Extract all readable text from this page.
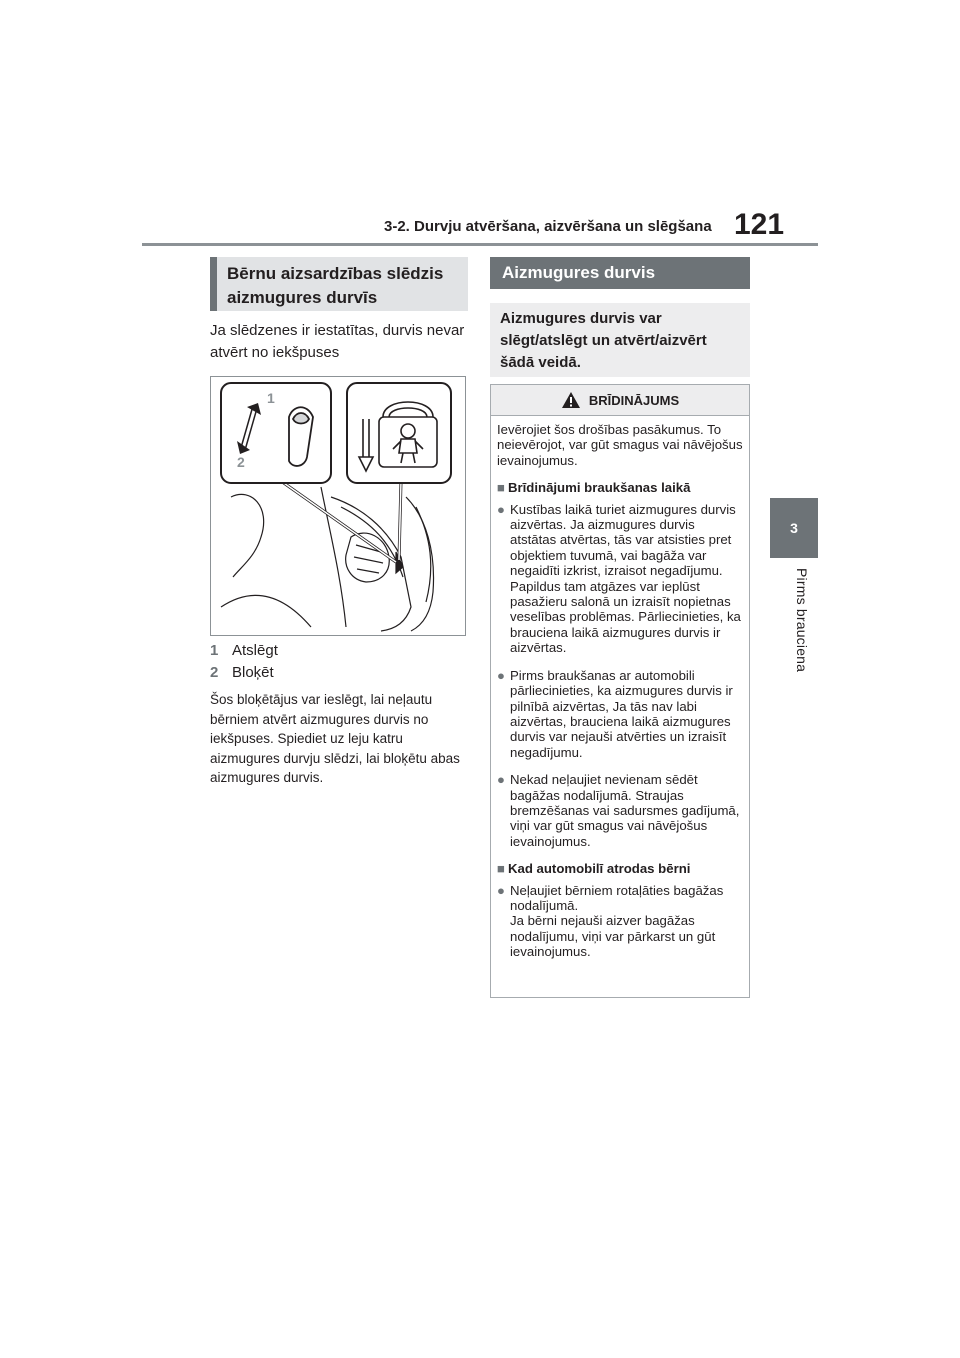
3-2. Durvju atvēršana, aizvēršana un slēgšana 121
3
Pirms brauciena
Bērnu aizsardzības slēdzis aizmugures durvīs
Ja slēdzenes ir iestatītas, durvis nevar atvērt no iekšpuses
1
2
1 Atslēgt
2 Bloķēt
Šos bloķētājus var ieslēgt, lai neļautu bērniem atvērt aizmugures durvis no iekšpuses. Spiediet uz leju katru aizmugures durvju slēdzi, lai bloķētu abas aizmugures durvis.
Aizmugures durvis
Aizmugures durvis var slēgt/atslēgt un atvērt/aizvērt šādā veidā.
BRĪDINĀJUMS
Ievērojiet šos drošības pasākumus. To neievērojot, var gūt smagus vai nāvējošus ievainojumus.
■ Brīdinājumi braukšanas laikā
● Kustības laikā turiet aizmugures durvis aizvērtas. Ja aizmugures durvis atstātas atvērtas, tās var atsisties pret objektiem tuvumā, vai bagāža var negaidīti izkrist, izraisot negadījumu.
Papildus tam atgāzes var ieplūst pasažieru salonā un izraisīt nopietnas veselības problēmas. Pārliecinieties, ka brauciena laikā aizmugures durvis ir aizvērtas.
● Pirms braukšanas ar automobili pārliecinieties, ka aizmugures durvis ir pilnībā aizvērtas, Ja tās nav labi aizvērtas, brauciena laikā aizmugures durvis var nejauši atvērties un izraisīt negadījumu.
● Nekad neļaujiet nevienam sēdēt bagāžas nodalījumā. Straujas bremzēšanas vai sadursmes gadījumā, viņi var gūt smagus vai nāvējošus ievainojumus.
■ Kad automobilī atrodas bērni
● Neļaujiet bērniem rotaļāties bagāžas nodalījumā.
Ja bērni nejauši aizver bagāžas nodalījumu, viņi var pārkarst un gūt ievainojumus.
